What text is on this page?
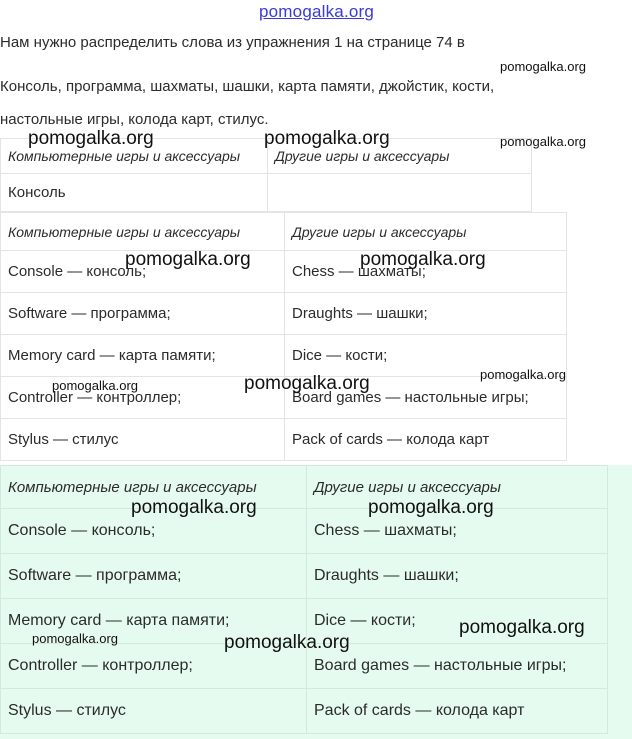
pomogalka.org
Нам нужно распределить слова из упражнения 1 на странице 74 в
Консоль, программа, шахматы, шашки, карта памяти, джойстик, кости,
настольные игры, колода карт, стилус.
Компьютерные игры и аксессуары	Другие игры и аксессуары
Консоль	
Компьютерные игры и аксессуары	Другие игры и аксессуары
Console — консоль;	Chess — шахматы;
Software — программа;	Draughts — шашки;
Memory card — карта памяти;	Dice — кости;
Controller — контроллер;	Board games — настольные игры;
Stylus — стилус	Pack of cards — колода карт
Компьютерные игры и аксессуары	Другие игры и аксессуары
Console — консоль;	Chess — шахматы;
Software — программа;	Draughts — шашки;
Memory card — карта памяти;	Dice — кости;
Controller — контроллер;	Board games — настольные игры;
Stylus — стилус	Pack of cards — колода карт
pomogalka.org
pomogalka.org
pomogalka.org	pomogalka.org
pomogalka.org	pomogalka.org
pomogalka.org	pomogalka.org	pomogalka.org
pomogalka.org	pomogalka.org
pomogalka.org
pomogalka.org	pomogalka.org
